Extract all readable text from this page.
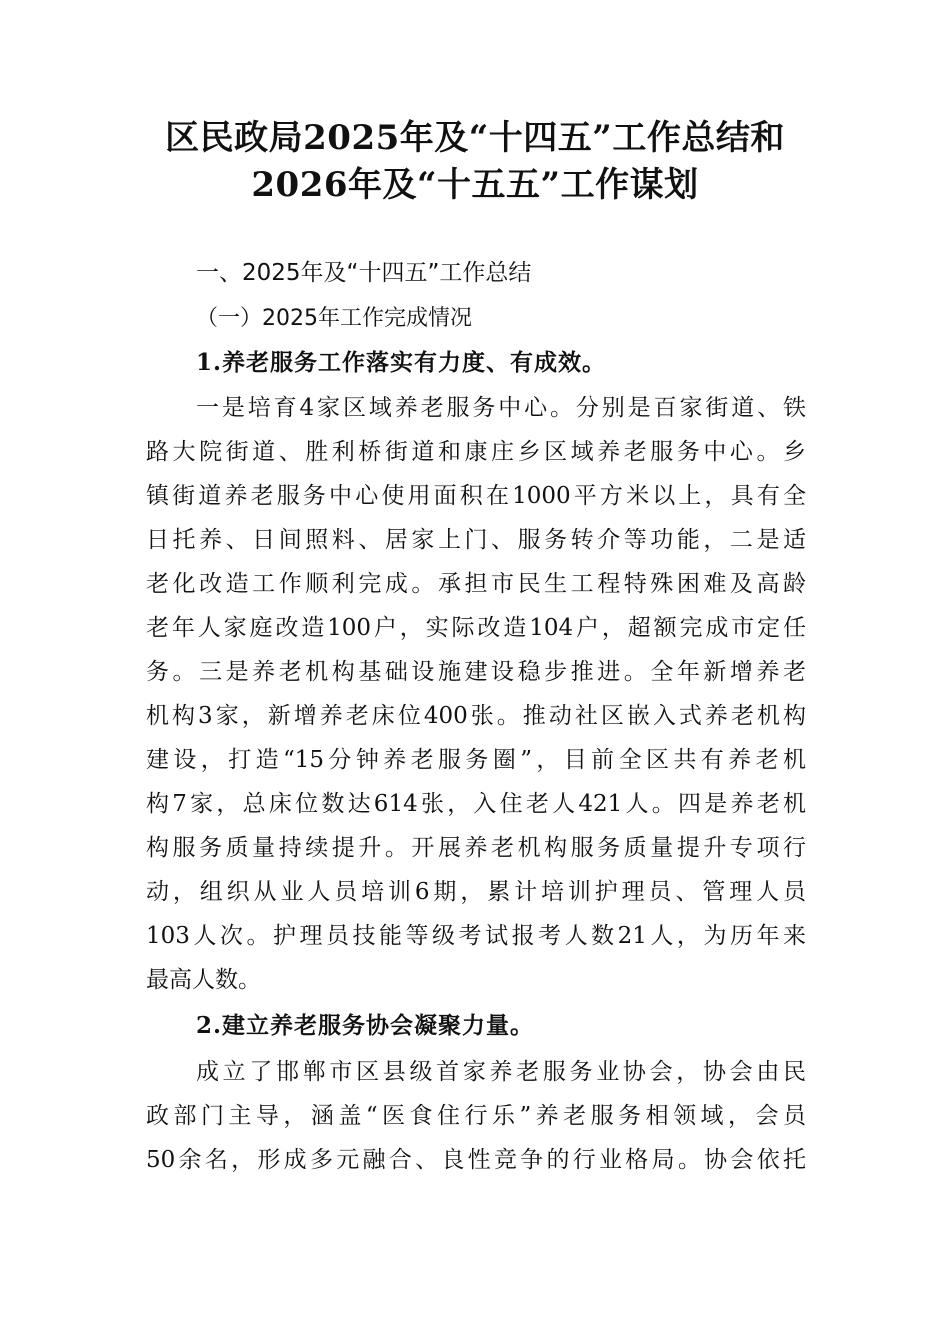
区民政局2025年及“十四五”工作总结和
2026年及“十五五”工作谋划
一、2025年及“十四五”工作总结
（一）2025年工作完成情况
1.养老服务工作落实有力度、有成效。
一是培育4家区域养老服务中心。分别是百家街道、铁
路大院街道、胜利桥街道和康庄乡区域养老服务中心。乡
镇街道养老服务中心使用面积在1000平方米以上，具有全
日托养、日间照料、居家上门、服务转介等功能，二是适
老化改造工作顺利完成。承担市民生工程特殊困难及高龄
老年人家庭改造100户，实际改造104户，超额完成市定任
务。三是养老机构基础设施建设稳步推进。全年新增养老
机构3家，新增养老床位400张。推动社区嵌入式养老机构
建设，打造“15分钟养老服务圈”，目前全区共有养老机
构7家，总床位数达614张，入住老人421人。四是养老机
构服务质量持续提升。开展养老机构服务质量提升专项行
动，组织从业人员培训6期，累计培训护理员、管理人员
103人次。护理员技能等级考试报考人数21人，为历年来
最高人数。
2.建立养老服务协会凝聚力量。
成立了邯郸市区县级首家养老服务业协会，协会由民
政部门主导，涵盖“医食住行乐”养老服务相领域，会员
50余名，形成多元融合、良性竞争的行业格局。协会依托
